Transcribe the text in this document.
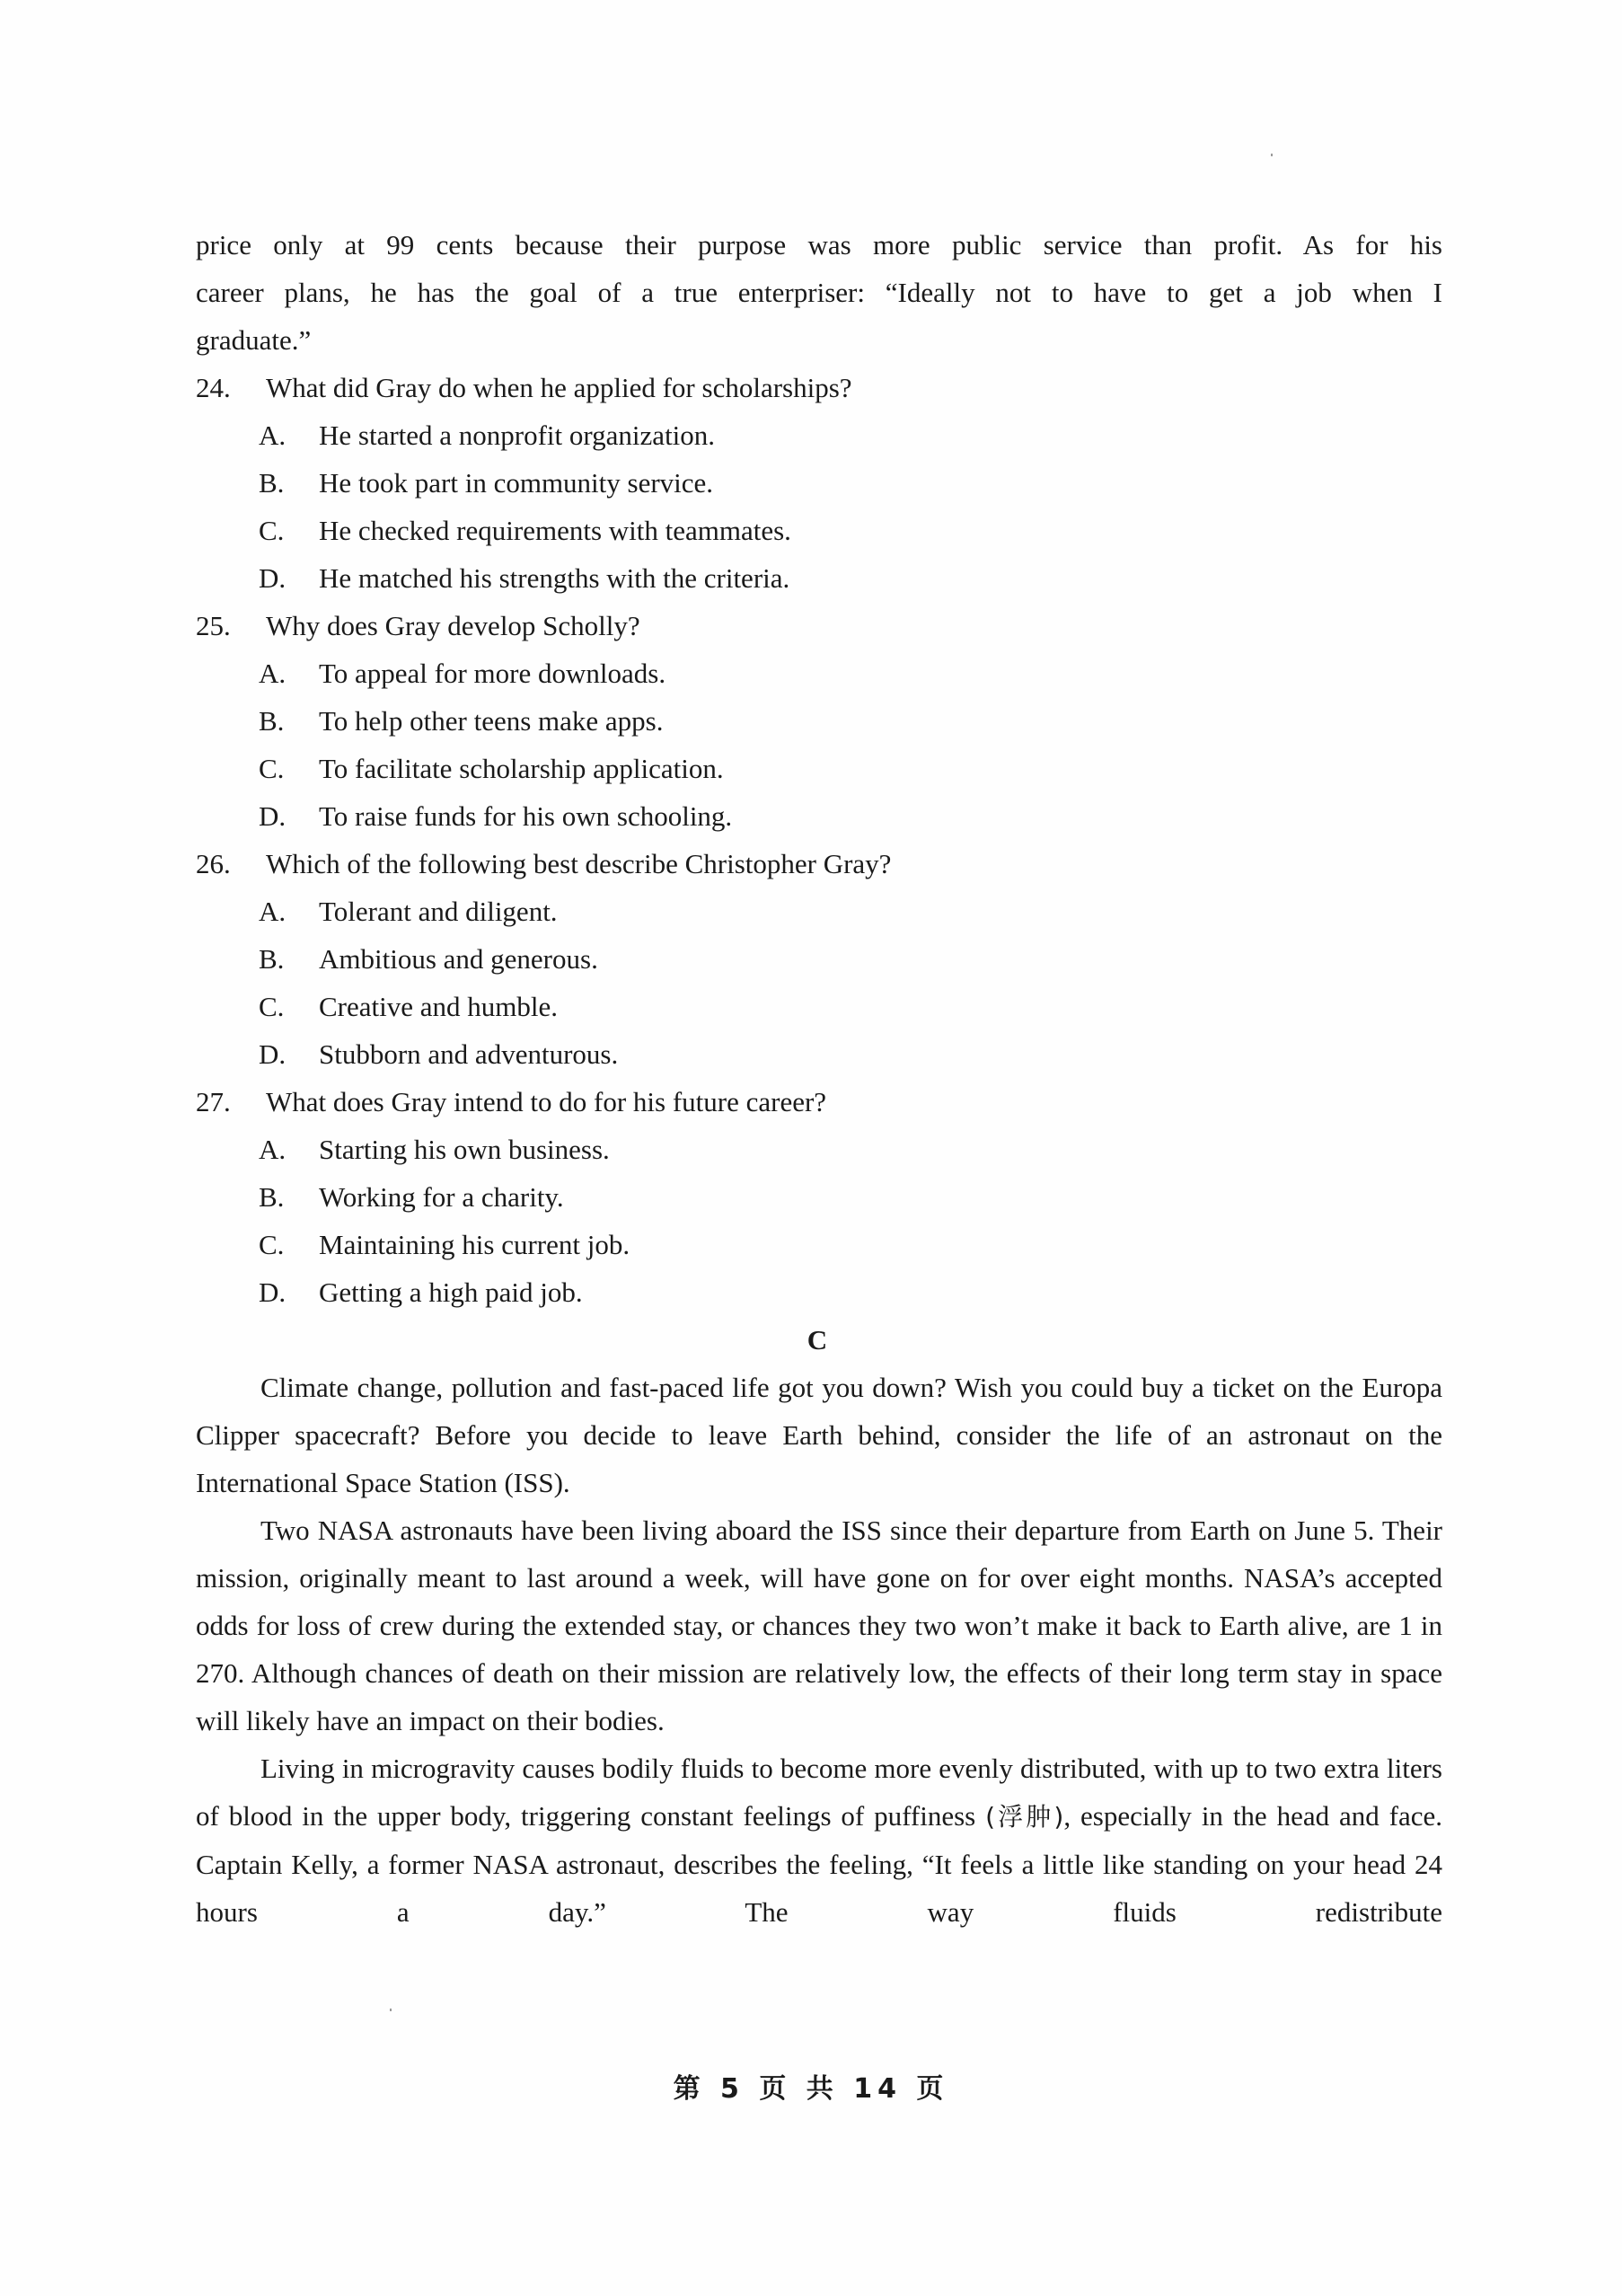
price only at 99 cents because their purpose was more public service than profit. As for his

career plans, he has the goal of a true enterpriser: “Ideally not to have to get a job when I

graduate.”

24. What did Gray do when he applied for scholarships?

A. He started a nonprofit organization.

B. He took part in community service.

C. He checked requirements with teammates.

D. He matched his strengths with the criteria.

25. Why does Gray develop Scholly?

A. To appeal for more downloads.

B. To help other teens make apps.

C. To facilitate scholarship application.

D. To raise funds for his own schooling.

26. Which of the following best describe Christopher Gray?

A. Tolerant and diligent.

B. Ambitious and generous.

C. Creative and humble.

D. Stubborn and adventurous.

27. What does Gray intend to do for his future career?

A. Starting his own business.

B. Working for a charity.

C. Maintaining his current job.

D. Getting a high paid job.

C

Climate change, pollution and fast-paced life got you down? Wish you could buy a ticket on the Europa Clipper spacecraft? Before you decide to leave Earth behind, consider the life of an astronaut on the International Space Station (ISS).

Two NASA astronauts have been living aboard the ISS since their departure from Earth on June 5. Their mission, originally meant to last around a week, will have gone on for over eight months. NASA’s accepted odds for loss of crew during the extended stay, or chances they two won’t make it back to Earth alive, are 1 in 270. Although chances of death on their mission are relatively low, the effects of their long term stay in space will likely have an impact on their bodies.

Living in microgravity causes bodily fluids to become more evenly distributed, with up to two extra liters of blood in the upper body, triggering constant feelings of puffiness (浮肿), especially in the head and face. Captain Kelly, a former NASA astronaut, describes the feeling, “It feels a little like standing on your head 24 hours a day.” The way fluids redistribute

第 5 页 共 14 页
